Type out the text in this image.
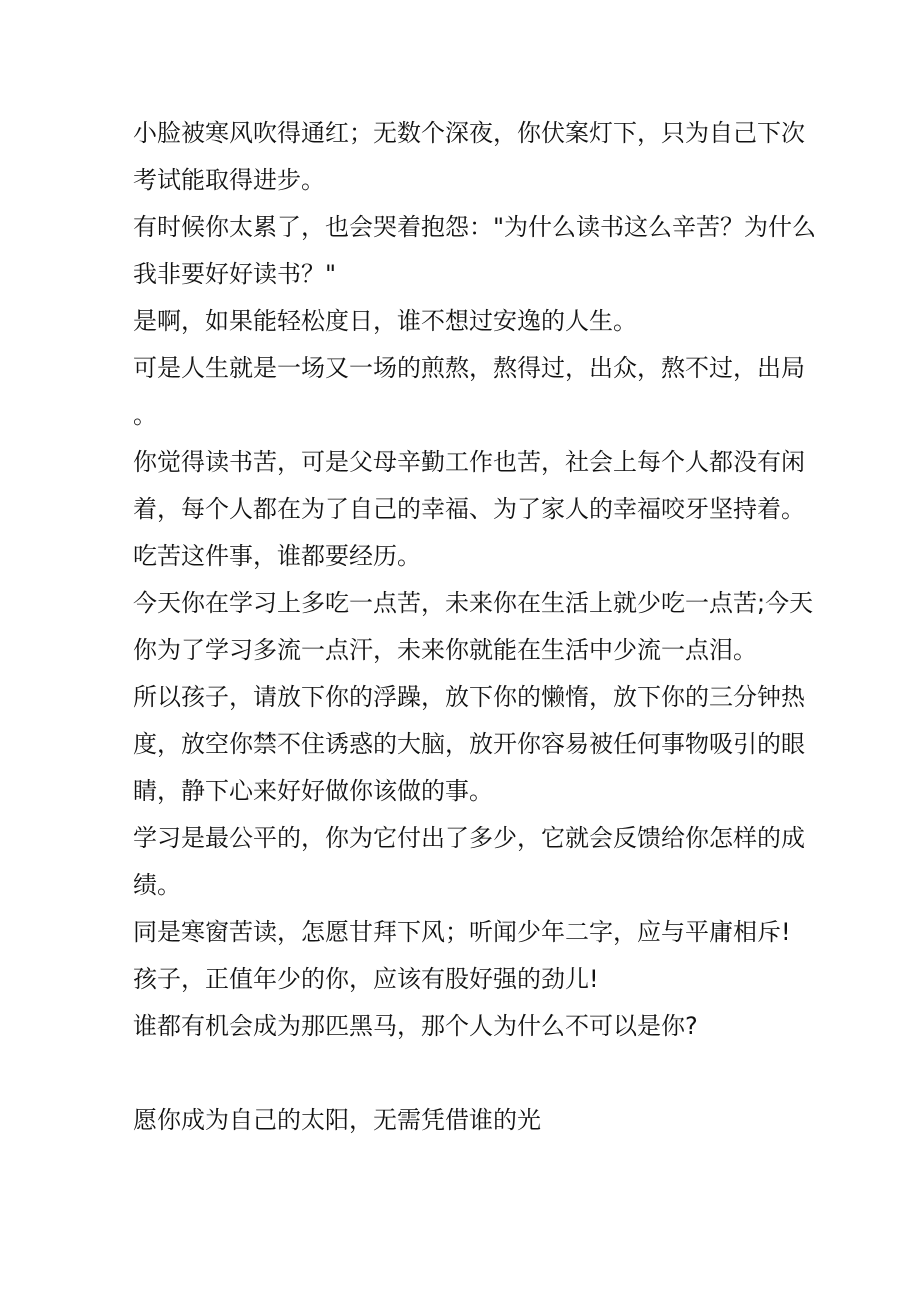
小脸被寒风吹得通红；无数个深夜，你伏案灯下，只为自己下次
考试能取得进步。
有时候你太累了，也会哭着抱怨："为什么读书这么辛苦？为什么
我非要好好读书？"
是啊，如果能轻松度日，谁不想过安逸的人生。
可是人生就是一场又一场的煎熬，熬得过，出众，熬不过，出局
。
你觉得读书苦，可是父母辛勤工作也苦，社会上每个人都没有闲
着，每个人都在为了自己的幸福、为了家人的幸福咬牙坚持着。
吃苦这件事，谁都要经历。
今天你在学习上多吃一点苦，未来你在生活上就少吃一点苦;今天
你为了学习多流一点汗，未来你就能在生活中少流一点泪。
所以孩子，请放下你的浮躁，放下你的懒惰，放下你的三分钟热
度，放空你禁不住诱惑的大脑，放开你容易被任何事物吸引的眼
睛，静下心来好好做你该做的事。
学习是最公平的，你为它付出了多少，它就会反馈给你怎样的成
绩。
同是寒窗苦读，怎愿甘拜下风；听闻少年二字，应与平庸相斥!
孩子，正值年少的你，应该有股好强的劲儿!
谁都有机会成为那匹黑马，那个人为什么不可以是你?
愿你成为自己的太阳，无需凭借谁的光
